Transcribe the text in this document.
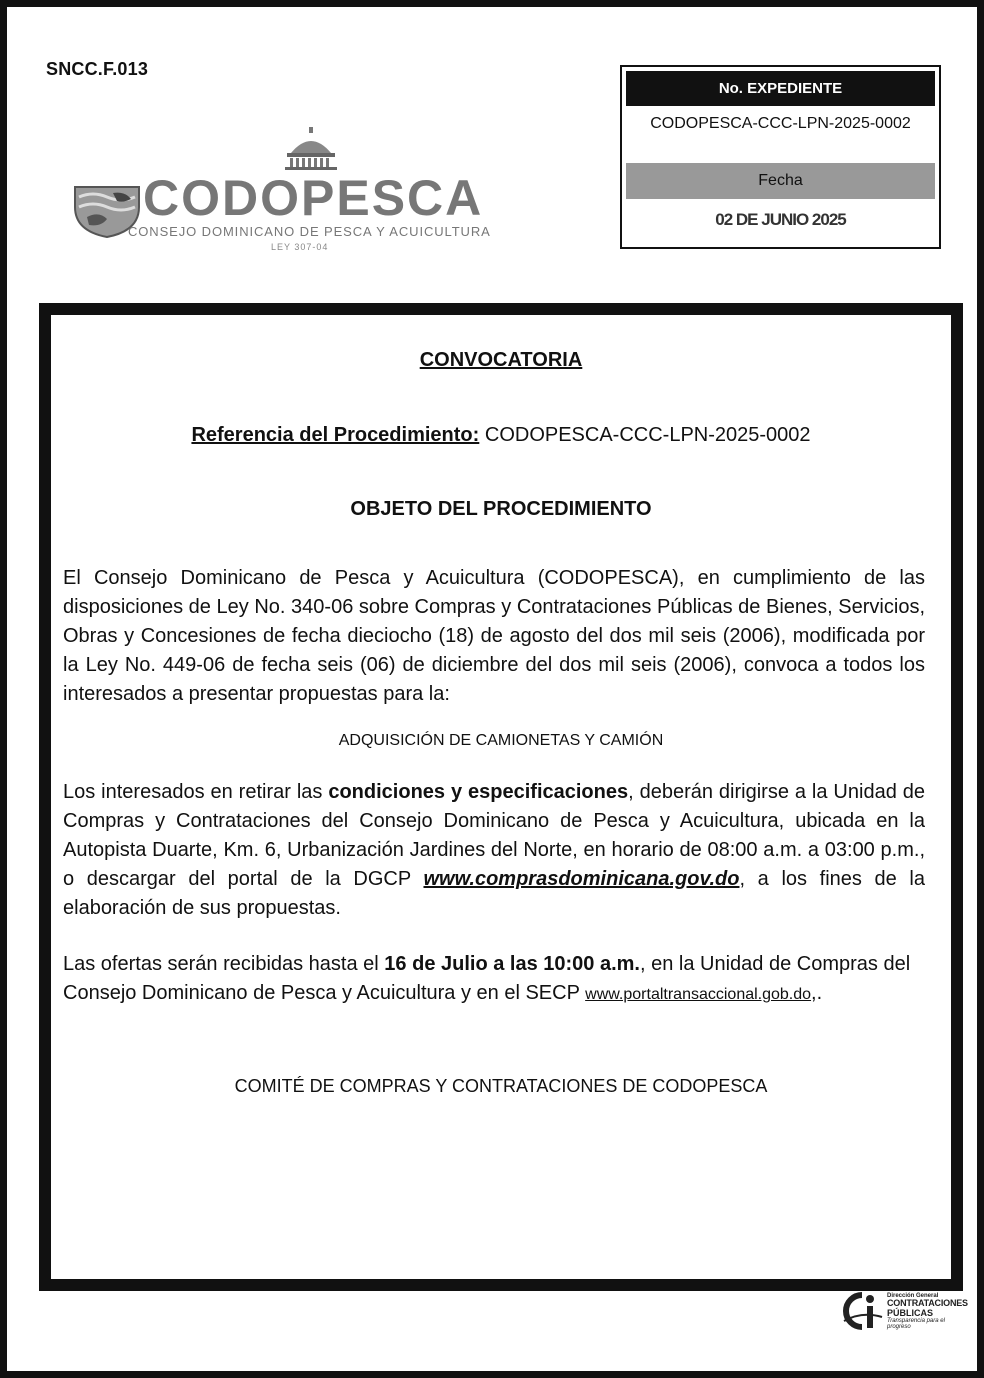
SNCC.F.013
CODOPESCA
CONSEJO DOMINICANO DE PESCA Y ACUICULTURA
LEY 307-04
No. EXPEDIENTE
CODOPESCA-CCC-LPN-2025-0002
Fecha
02 DE JUNIO 2025
CONVOCATORIA
Referencia del Procedimiento: CODOPESCA-CCC-LPN-2025-0002
OBJETO DEL PROCEDIMIENTO
El Consejo Dominicano de Pesca y Acuicultura (CODOPESCA), en cumplimiento de las disposiciones de Ley No. 340-06 sobre Compras y Contrataciones Públicas de Bienes, Servicios, Obras y Concesiones de fecha dieciocho (18) de agosto del dos mil seis (2006), modificada por la Ley No. 449-06 de fecha seis (06) de diciembre del dos mil seis (2006), convoca a todos los interesados a presentar propuestas para la:
ADQUISICIÓN DE CAMIONETAS Y CAMIÓN
Los interesados en retirar las condiciones y especificaciones, deberán dirigirse a la Unidad de Compras y Contrataciones del Consejo Dominicano de Pesca y Acuicultura, ubicada en la Autopista Duarte, Km. 6, Urbanización Jardines del Norte, en horario de 08:00 a.m. a 03:00 p.m., o descargar del portal de la DGCP www.comprasdominicana.gov.do, a los fines de la elaboración de sus propuestas.
Las ofertas serán recibidas hasta el 16 de Julio a las 10:00 a.m., en la Unidad de Compras del Consejo Dominicano de Pesca y Acuicultura y en el SECP www.portaltransaccional.gob.do,.
COMITÉ DE COMPRAS Y CONTRATACIONES DE CODOPESCA
Dirección General
CONTRATACIONES
PÚBLICAS
Transparencia para el progreso
